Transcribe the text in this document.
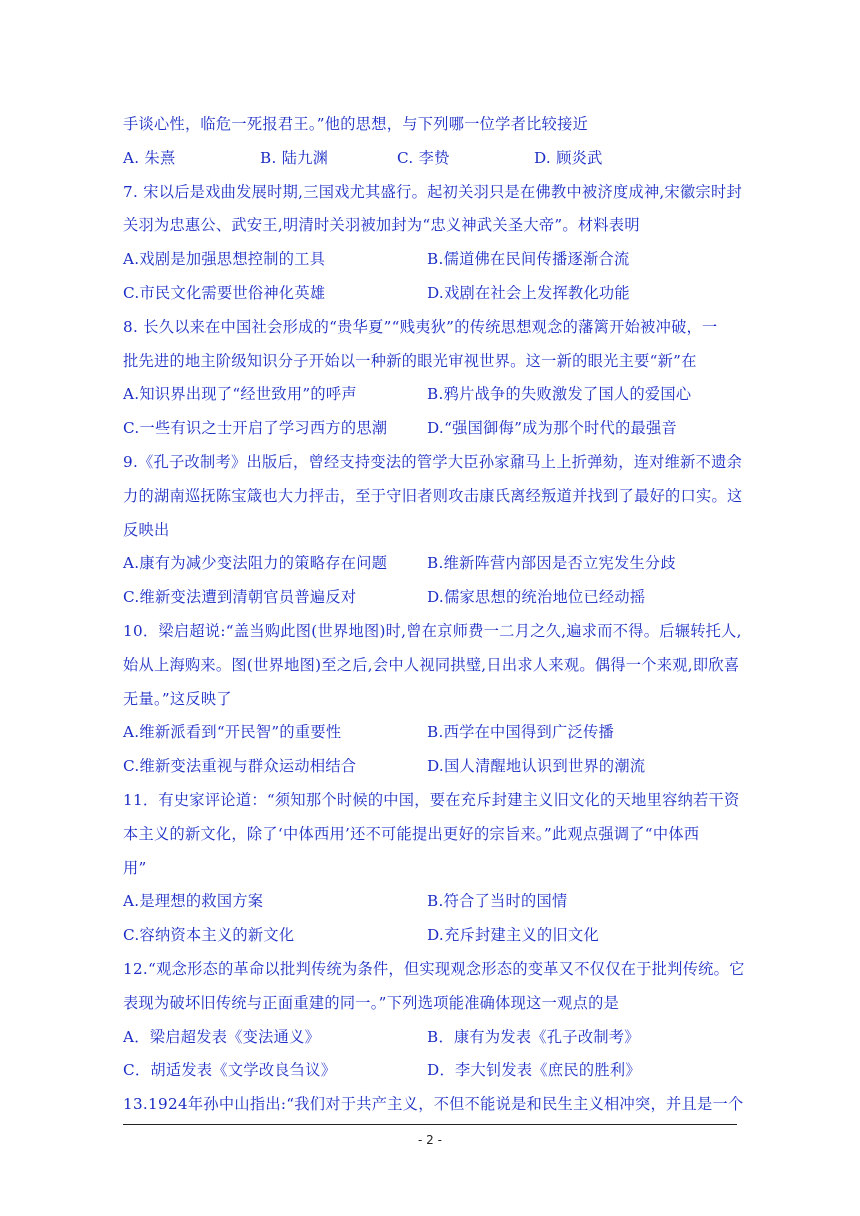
手谈心性，临危一死报君王。”他的思想，与下列哪一位学者比较接近
A. 朱熹	B. 陆九渊	C. 李贽	D. 顾炎武
7. 宋以后是戏曲发展时期,三国戏尤其盛行。起初关羽只是在佛教中被济度成神,宋徽宗时封
关羽为忠惠公、武安王,明清时关羽被加封为“忠义神武关圣大帝”。材料表明
A.戏剧是加强思想控制的工具	B.儒道佛在民间传播逐渐合流
C.市民文化需要世俗神化英雄	D.戏剧在社会上发挥教化功能
8. 长久以来在中国社会形成的“贵华夏”“贱夷狄”的传统思想观念的藩篱开始被冲破，一
批先进的地主阶级知识分子开始以一种新的眼光审视世界。这一新的眼光主要“新”在
A.知识界出现了“经世致用”的呼声	B.鸦片战争的失败激发了国人的爱国心
C.一些有识之士开启了学习西方的思潮	D.“强国御侮”成为那个时代的最强音
9.《孔子改制考》出版后，曾经支持变法的管学大臣孙家鼐马上上折弹劾，连对维新不遗余
力的湖南巡抚陈宝箴也大力抨击，至于守旧者则攻击康氏离经叛道并找到了最好的口实。这
反映出
A.康有为减少变法阻力的策略存在问题	B.维新阵营内部因是否立宪发生分歧
C.维新变法遭到清朝官员普遍反对	D.儒家思想的统治地位已经动摇
10．梁启超说:“盖当购此图(世界地图)时,曾在京师费一二月之久,遍求而不得。后辗转托人,
始从上海购来。图(世界地图)至之后,会中人视同拱璧,日出求人来观。偶得一个来观,即欣喜
无量。”这反映了
A.维新派看到“开民智”的重要性	B.西学在中国得到广泛传播
C.维新变法重视与群众运动相结合	D.国人清醒地认识到世界的潮流
11．有史家评论道：“须知那个时候的中国，要在充斥封建主义旧文化的天地里容纳若干资
本主义的新文化，除了‘中体西用’还不可能提出更好的宗旨来。”此观点强调了“中体西
用”
A.是理想的救国方案	B.符合了当时的国情
C.容纳资本主义的新文化	D.充斥封建主义的旧文化
12.“观念形态的革命以批判传统为条件，但实现观念形态的变革又不仅仅在于批判传统。它
表现为破坏旧传统与正面重建的同一。”下列选项能准确体现这一观点的是
A．梁启超发表《变法通义》	B．康有为发表《孔子改制考》
C．胡适发表《文学改良刍议》	D．李大钊发表《庶民的胜利》
13.1924年孙中山指出:“我们对于共产主义，不但不能说是和民生主义相冲突，并且是一个
- 2 -
